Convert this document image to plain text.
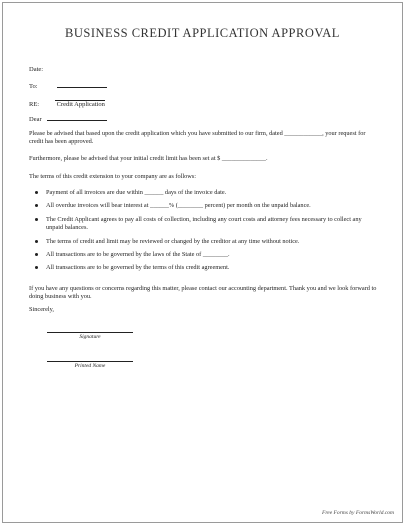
BUSINESS CREDIT APPLICATION APPROVAL
Date:
To:
RE:	Credit Application
Dear
Please be advised that based upon the credit application which you have submitted to our firm, dated ____________, your request for credit has been approved.
Furthermore, please be advised that your initial credit limit has been set at $ ______________.
The terms of this credit extension to your company are as follows:
Payment of all invoices are due within ______ days of the invoice date.
All overdue invoices will bear interest at ______% (________ percent) per month on the unpaid balance.
The Credit Applicant agrees to pay all costs of collection, including any court costs and attorney fees necessary to collect any unpaid balances.
The terms of credit and limit may be reviewed or changed by the creditor at any time without notice.
All transactions are to be governed by the laws of the State of ________.
All transactions are to be governed by the terms of this credit agreement.
If you have any questions or concerns regarding this matter, please contact our accounting department. Thank you and we look forward to doing business with you.
Sincerely,
Signature
Printed Name
Free Forms by FormsWorld.com
